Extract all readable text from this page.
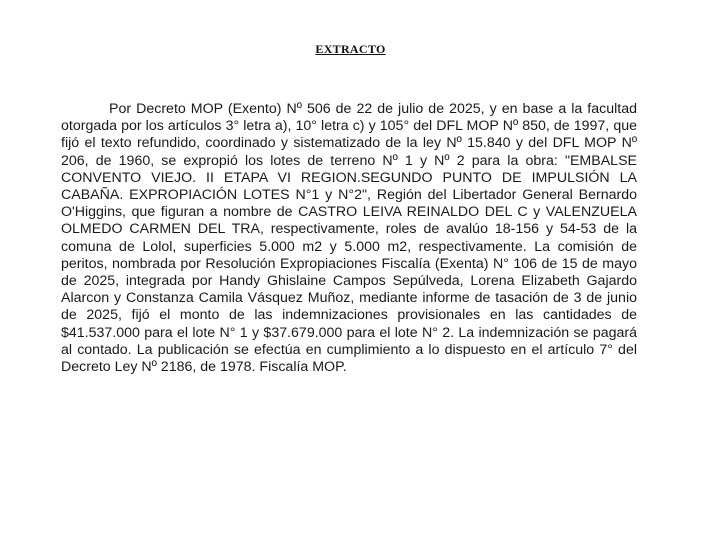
EXTRACTO

Por Decreto MOP (Exento) Nº 506 de 22 de julio de 2025, y en base a la facultad otorgada por los artículos 3° letra a), 10° letra c) y 105° del DFL MOP Nº 850, de 1997, que fijó el texto refundido, coordinado y sistematizado de la ley Nº 15.840 y del DFL MOP Nº 206, de 1960, se expropió los lotes de terreno Nº 1 y Nº 2 para la obra: "EMBALSE CONVENTO VIEJO. II ETAPA VI REGION.SEGUNDO PUNTO DE IMPULSIÓN LA CABAÑA. EXPROPIACIÓN LOTES N°1 y N°2", Región del Libertador General Bernardo O'Higgins, que figuran a nombre de CASTRO LEIVA REINALDO DEL C y VALENZUELA OLMEDO CARMEN DEL TRA, respectivamente, roles de avalúo 18-156 y 54-53 de la comuna de Lolol, superficies 5.000 m2 y 5.000 m2, respectivamente. La comisión de peritos, nombrada por Resolución Expropiaciones Fiscalía (Exenta) N° 106 de 15 de mayo de 2025, integrada por Handy Ghislaine Campos Sepúlveda, Lorena Elizabeth Gajardo Alarcon y Constanza Camila Vásquez Muñoz, mediante informe de tasación de 3 de junio de 2025, fijó el monto de las indemnizaciones provisionales en las cantidades de $41.537.000 para el lote N° 1 y $37.679.000 para el lote N° 2. La indemnización se pagará al contado. La publicación se efectúa en cumplimiento a lo dispuesto en el artículo 7° del Decreto Ley Nº 2186, de 1978. Fiscalía MOP.
